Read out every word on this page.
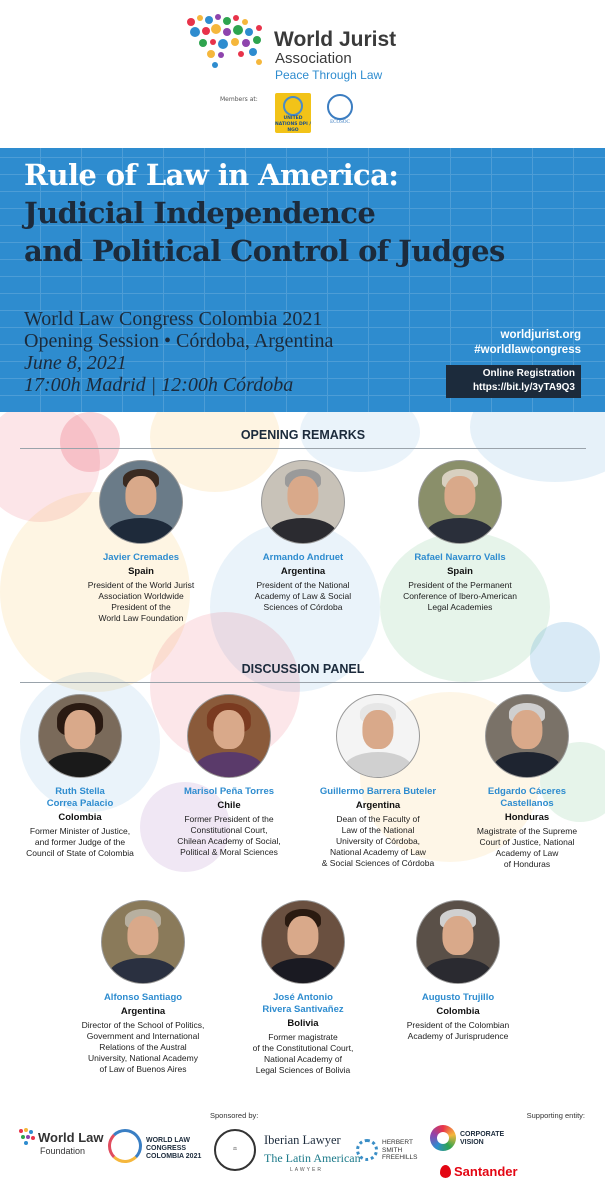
World Jurist
Association
Peace Through Law
Members at:
UNITED NATIONS DPI / NGO
ECOSOC
Rule of Law in America:
Judicial Independence
and Political Control of Judges
World Law Congress Colombia 2021
Opening Session • Córdoba, Argentina
June 8, 2021
17:00h Madrid | 12:00h Córdoba
worldjurist.org
#worldlawcongress
Online Registration
https://bit.ly/3yTA9Q3
OPENING REMARKS
Javier Cremades
Spain
President of the World Jurist
Association Worldwide
President of the
World Law Foundation
Armando Andruet
Argentina
President of the National
Academy of Law & Social
Sciences of Córdoba
Rafael Navarro Valls
Spain
President of the Permanent
Conference of Ibero-American
Legal Academies
DISCUSSION PANEL
Ruth Stella
Correa Palacio
Colombia
Former Minister of Justice,
and former Judge of the
Council of State of Colombia
Marisol Peña Torres
Chile
Former President of the
Constitutional Court,
Chilean Academy of Social,
Political & Moral Sciences
Guillermo Barrera Buteler
Argentina
Dean of the Faculty of
Law of the National
University of Córdoba,
National Academy of Law
& Social Sciences of Córdoba
Edgardo Cáceres
Castellanos
Honduras
Magistrate of the Supreme
Court of Justice, National
Academy of Law
of Honduras
Alfonso Santiago
Argentina
Director of the School of Politics,
Government and International
Relations of the Austral
University, National Academy
of Law of Buenos Aires
José Antonio
Rivera Santivañez
Bolivia
Former magistrate
of the Constitutional Court,
National Academy of
Legal Sciences of Bolivia
Augusto Trujillo
Colombia
President of the Colombian
Academy of Jurisprudence
Sponsored by:	Supporting entity:
World Law
Foundation
WORLD LAW
CONGRESS
COLOMBIA 2021
⚖
Iberian Lawyer
The Latin American
LAWYER
HERBERT
SMITH
FREEHILLS
CORPORATE
VISION
Santander
